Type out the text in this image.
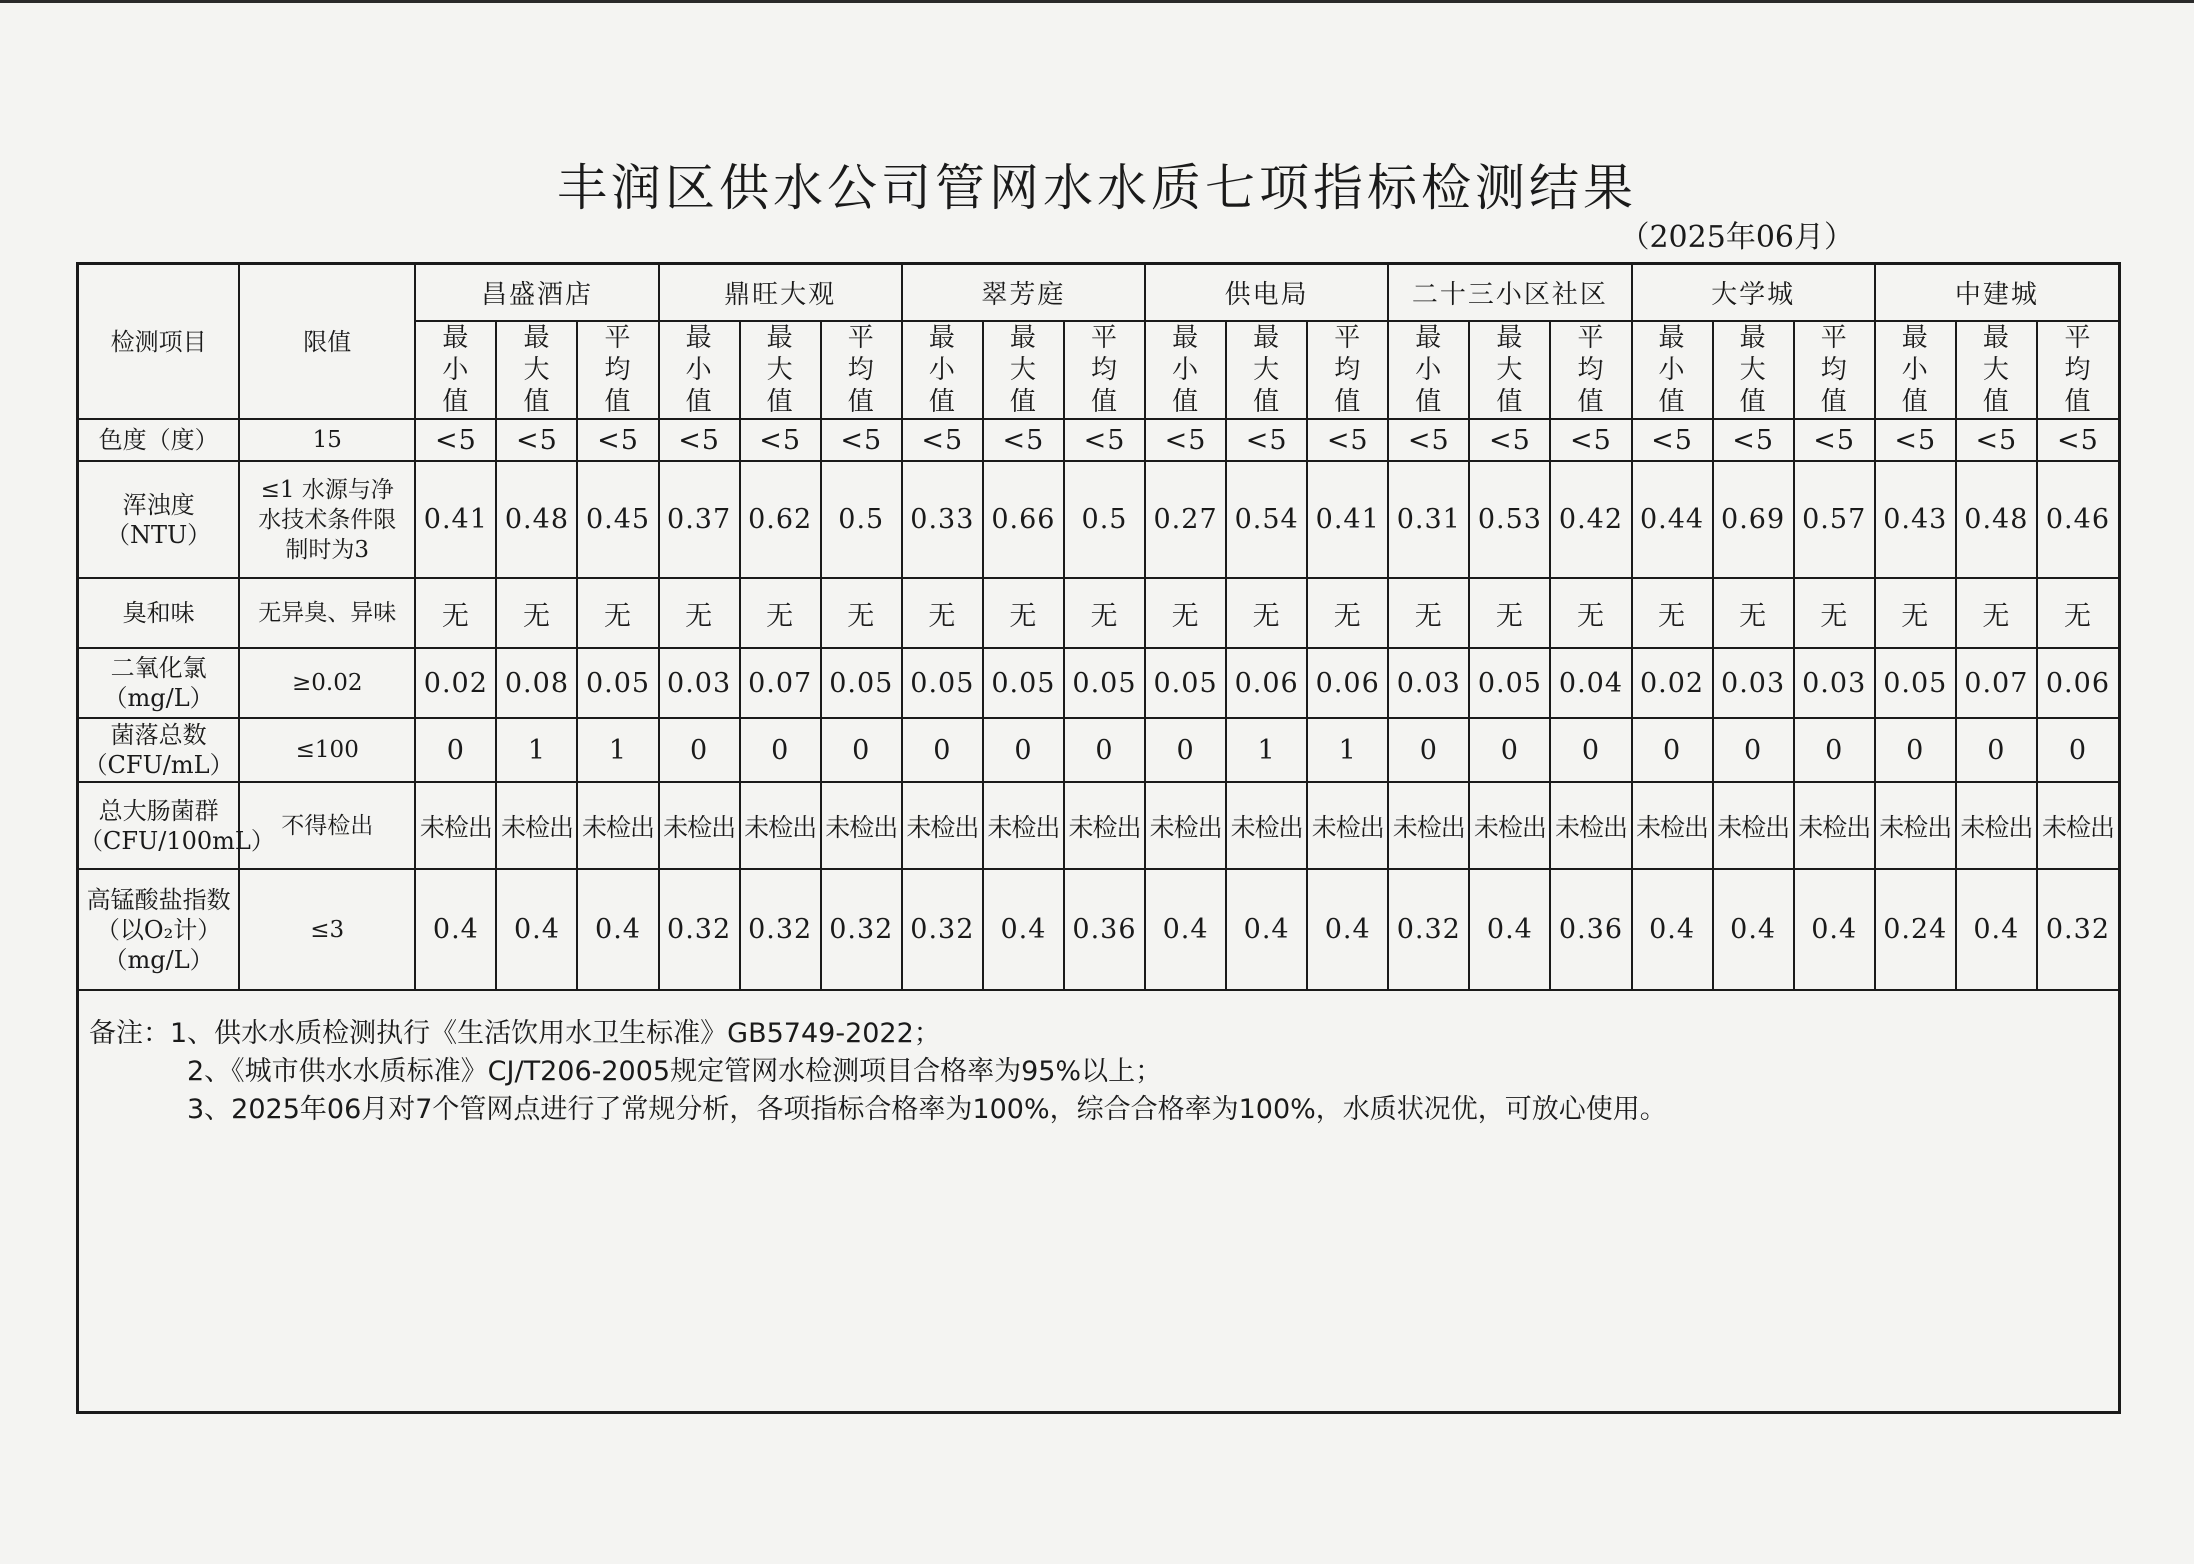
丰润区供水公司管网水水质七项指标检测结果
（2025年06月）
检测项目	限值	昌盛酒店			鼎旺大观			翠芳庭			供电局			二十三小区社区			大学城			中建城		
		最
小
值	最
大
值	平
均
值	最
小
值	最
大
值	平
均
值	最
小
值	最
大
值	平
均
值	最
小
值	最
大
值	平
均
值	最
小
值	最
大
值	平
均
值	最
小
值	最
大
值	平
均
值	最
小
值	最
大
值	平
均
值
色度（度）	15	<5	<5	<5	<5	<5	<5	<5	<5	<5	<5	<5	<5	<5	<5	<5	<5	<5	<5	<5	<5	<5
浑浊度
（NTU）	≤1 水源与净
水技术条件限
制时为3	0.41	0.48	0.45	0.37	0.62	0.5	0.33	0.66	0.5	0.27	0.54	0.41	0.31	0.53	0.42	0.44	0.69	0.57	0.43	0.48	0.46
臭和味	无异臭、异味	无	无	无	无	无	无	无	无	无	无	无	无	无	无	无	无	无	无	无	无	无
二氧化氯
（mg/L）	≥0.02	0.02	0.08	0.05	0.03	0.07	0.05	0.05	0.05	0.05	0.05	0.06	0.06	0.03	0.05	0.04	0.02	0.03	0.03	0.05	0.07	0.06
菌落总数
（CFU/mL）	≤100	0	1	1	0	0	0	0	0	0	0	1	1	0	0	0	0	0	0	0	0	0
总大肠菌群
（CFU/100mL）	不得检出	未检出	未检出	未检出	未检出	未检出	未检出	未检出	未检出	未检出	未检出	未检出	未检出	未检出	未检出	未检出	未检出	未检出	未检出	未检出	未检出	未检出
高锰酸盐指数
（以O₂计）
（mg/L）	≤3	0.4	0.4	0.4	0.32	0.32	0.32	0.32	0.4	0.36	0.4	0.4	0.4	0.32	0.4	0.36	0.4	0.4	0.4	0.24	0.4	0.32
备注：1、供水水质检测执行《生活饮用水卫生标准》GB5749-2022；
2、《城市供水水质标准》CJ/T206-2005规定管网水检测项目合格率为95%以上；
3、2025年06月对7个管网点进行了常规分析，各项指标合格率为100%，综合合格率为100%，水质状况优，可放心使用。
